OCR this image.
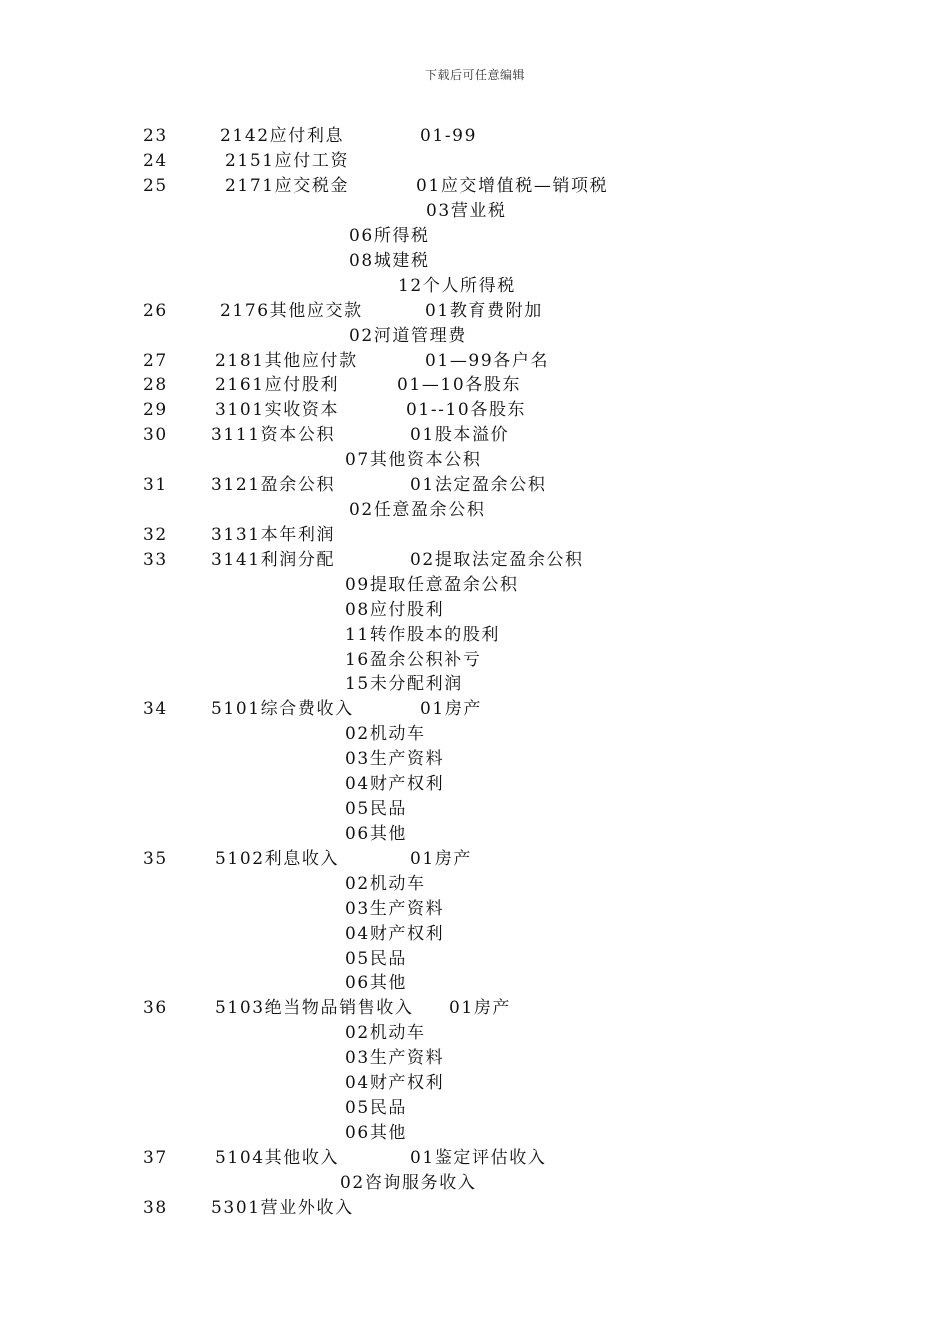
下载后可任意编辑
23	2142应付利息	01-99
24	2151应付工资
25	2171应交税金	01应交增值税—销项税
03营业税
06所得税
08城建税
12个人所得税
26	2176其他应交款	01教育费附加
02河道管理费
27	2181其他应付款	01—99各户名
28	2161应付股利	01—10各股东
29	3101实收资本	01--10各股东
30	3111资本公积	01股本溢价
07其他资本公积
31	3121盈余公积	01法定盈余公积
02任意盈余公积
32	3131本年利润
33	3141利润分配	02提取法定盈余公积
09提取任意盈余公积
08应付股利
11转作股本的股利
16盈余公积补亏
15未分配利润
34	5101综合费收入	01房产
02机动车
03生产资料
04财产权利
05民品
06其他
35	5102利息收入	01房产
02机动车
03生产资料
04财产权利
05民品
06其他
36	5103绝当物品销售收入 01房产
02机动车
03生产资料
04财产权利
05民品
06其他
37	5104其他收入	01鉴定评估收入
02咨询服务收入
38	5301营业外收入
